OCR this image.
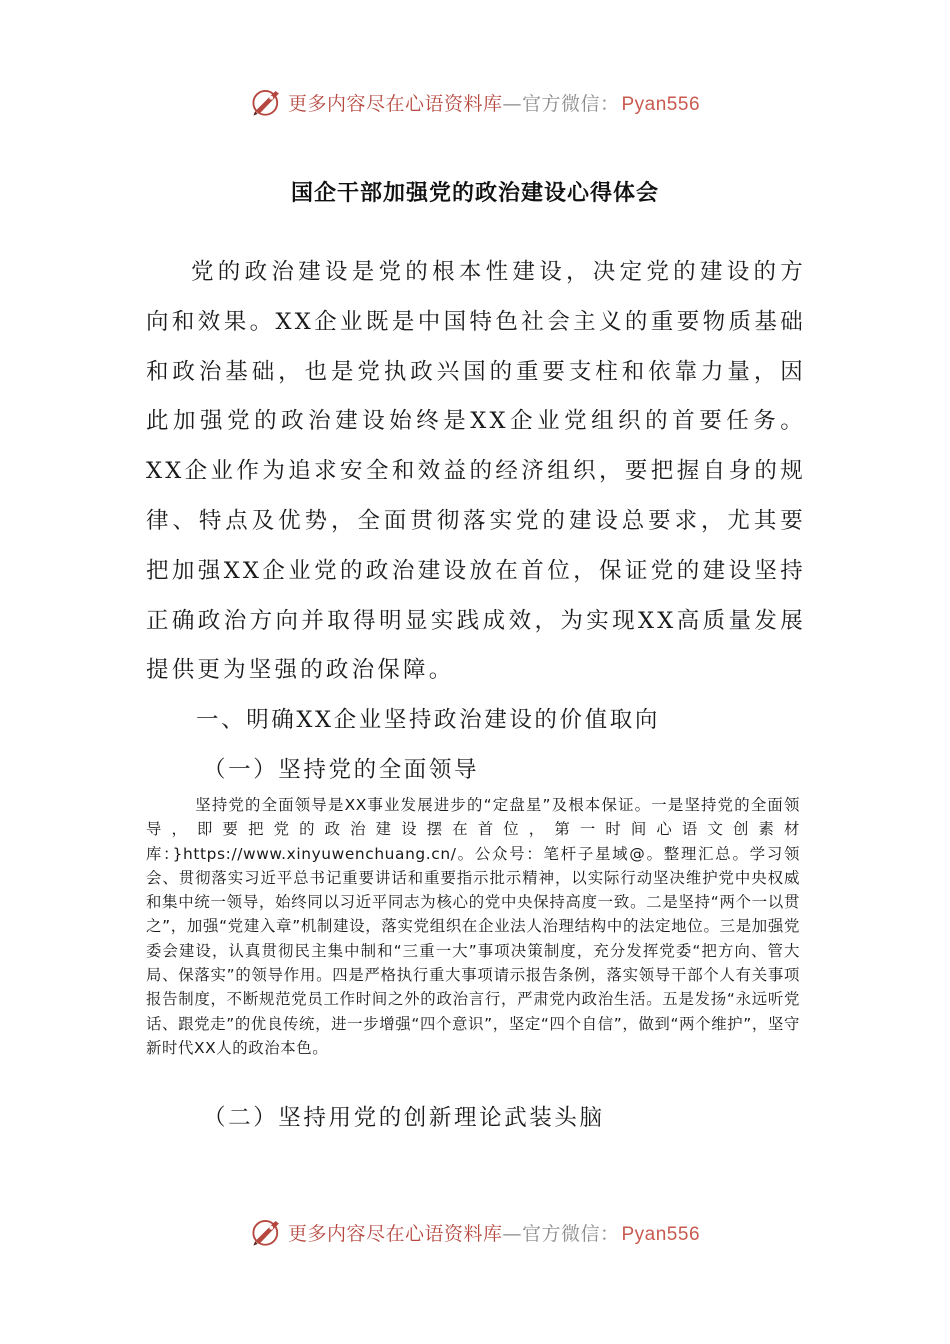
更多内容尽在心语资料库—官方微信： Pyan556
国企干部加强党的政治建设心得体会

党的政治建设是党的根本性建设，决定党的建设的方向和效果。XX企业既是中国特色社会主义的重要物质基础和政治基础，也是党执政兴国的重要支柱和依靠力量，因此加强党的政治建设始终是XX企业党组织的首要任务。XX企业作为追求安全和效益的经济组织，要把握自身的规律、特点及优势，全面贯彻落实党的建设总要求，尤其要把加强XX企业党的政治建设放在首位，保证党的建设坚持正确政治方向并取得明显实践成效，为实现XX高质量发展提供更为坚强的政治保障。

一、明确XX企业坚持政治建设的价值取向
（一）坚持党的全面领导

坚持党的全面领导是XX事业发展进步的“定盘星”及根本保证。一是坚持党的全面领导，即要把党的政治建设摆在首位，第一时间心语文创素材库：}https://www.xinyuwenchuang.cn/。公众号：笔杆子星域@。整理汇总。学习领会、贯彻落实习近平总书记重要讲话和重要指示批示精神，以实际行动坚决维护党中央权威和集中统一领导，始终同以习近平同志为核心的党中央保持高度一致。二是坚持“两个一以贯之”，加强“党建入章”机制建设，落实党组织在企业法人治理结构中的法定地位。三是加强党委会建设，认真贯彻民主集中制和“三重一大”事项决策制度，充分发挥党委“把方向、管大局、保落实”的领导作用。四是严格执行重大事项请示报告条例，落实领导干部个人有关事项报告制度，不断规范党员工作时间之外的政治言行，严肃党内政治生活。五是发扬“永远听党话、跟党走”的优良传统，进一步增强“四个意识”，坚定“四个自信”，做到“两个维护”，坚守新时代XX人的政治本色。

（二）坚持用党的创新理论武装头脑
更多内容尽在心语资料库—官方微信： Pyan556
